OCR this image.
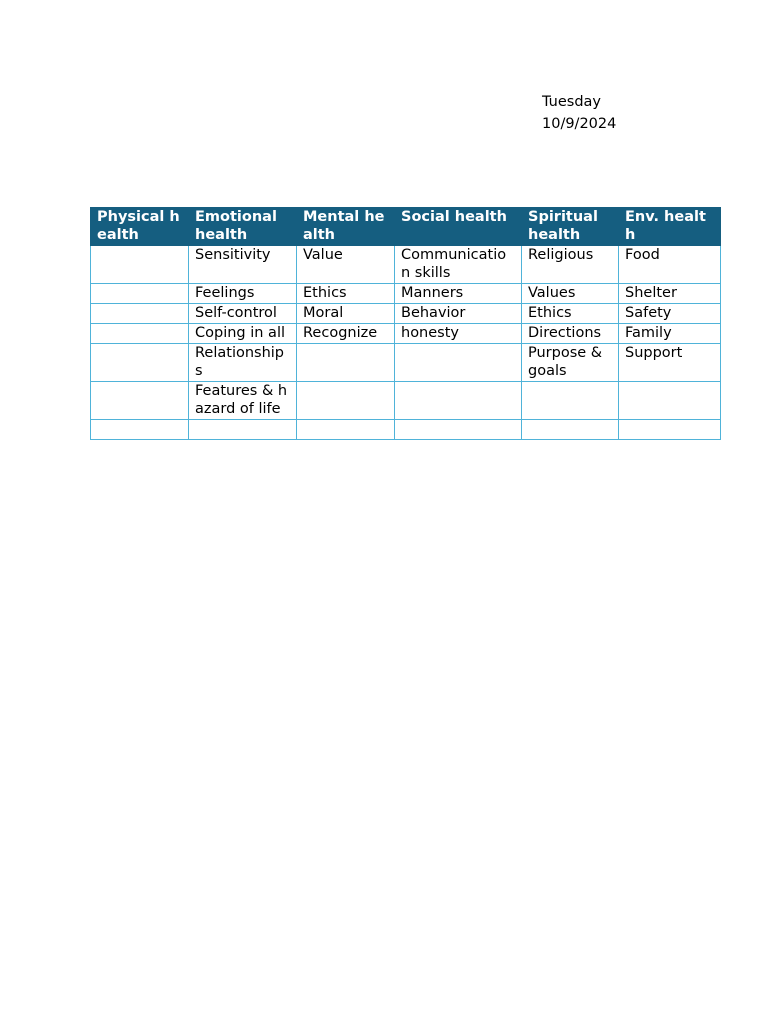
Tuesday
10/9/2024
Physical health	Emotional health	Mental health	Social health	Spiritual health	Env. health
	Sensitivity	Value	Communication skills	Religious	Food
	Feelings	Ethics	Manners	Values	Shelter
	Self-control	Moral	Behavior	Ethics	Safety
	Coping in all	Recognize	honesty	Directions	Family
	Relationships			Purpose & goals	Support
	Features & hazard of life				
